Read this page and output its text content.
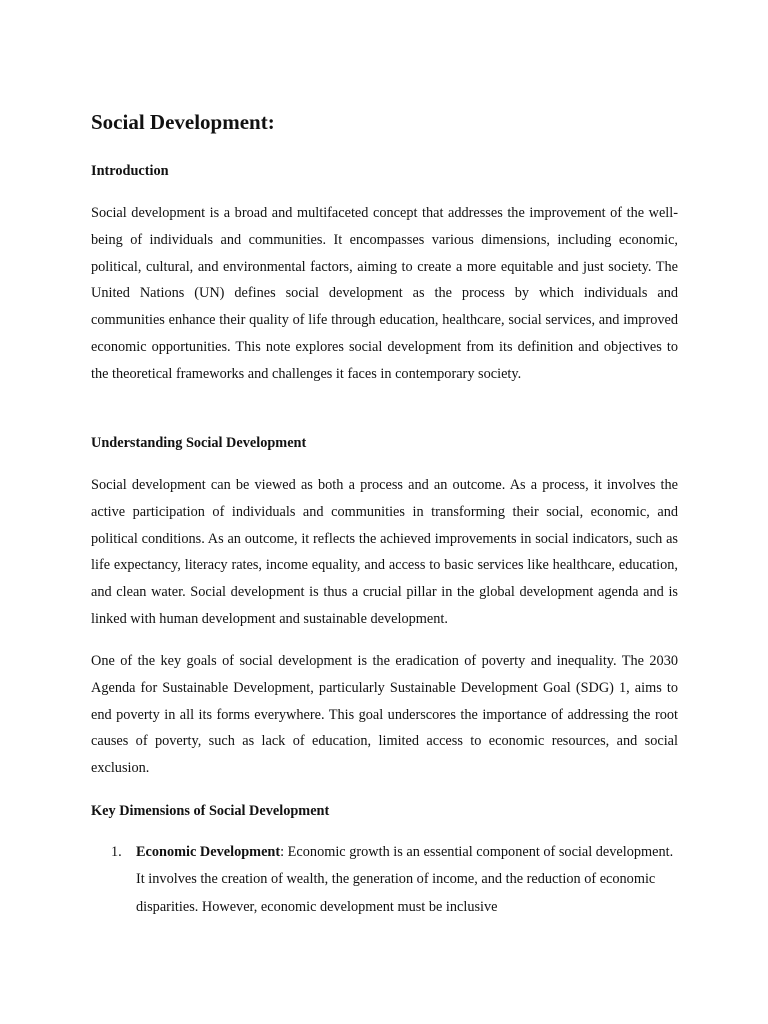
Social Development:
Introduction

Social development is a broad and multifaceted concept that addresses the improvement of the well-being of individuals and communities. It encompasses various dimensions, including economic, political, cultural, and environmental factors, aiming to create a more equitable and just society. The United Nations (UN) defines social development as the process by which individuals and communities enhance their quality of life through education, healthcare, social services, and improved economic opportunities. This note explores social development from its definition and objectives to the theoretical frameworks and challenges it faces in contemporary society.

Understanding Social Development

Social development can be viewed as both a process and an outcome. As a process, it involves the active participation of individuals and communities in transforming their social, economic, and political conditions. As an outcome, it reflects the achieved improvements in social indicators, such as life expectancy, literacy rates, income equality, and access to basic services like healthcare, education, and clean water. Social development is thus a crucial pillar in the global development agenda and is linked with human development and sustainable development.

One of the key goals of social development is the eradication of poverty and inequality. The 2030 Agenda for Sustainable Development, particularly Sustainable Development Goal (SDG) 1, aims to end poverty in all its forms everywhere. This goal underscores the importance of addressing the root causes of poverty, such as lack of education, limited access to economic resources, and social exclusion.

Key Dimensions of Social Development
1. Economic Development: Economic growth is an essential component of social development. It involves the creation of wealth, the generation of income, and the reduction of economic disparities. However, economic development must be inclusive
